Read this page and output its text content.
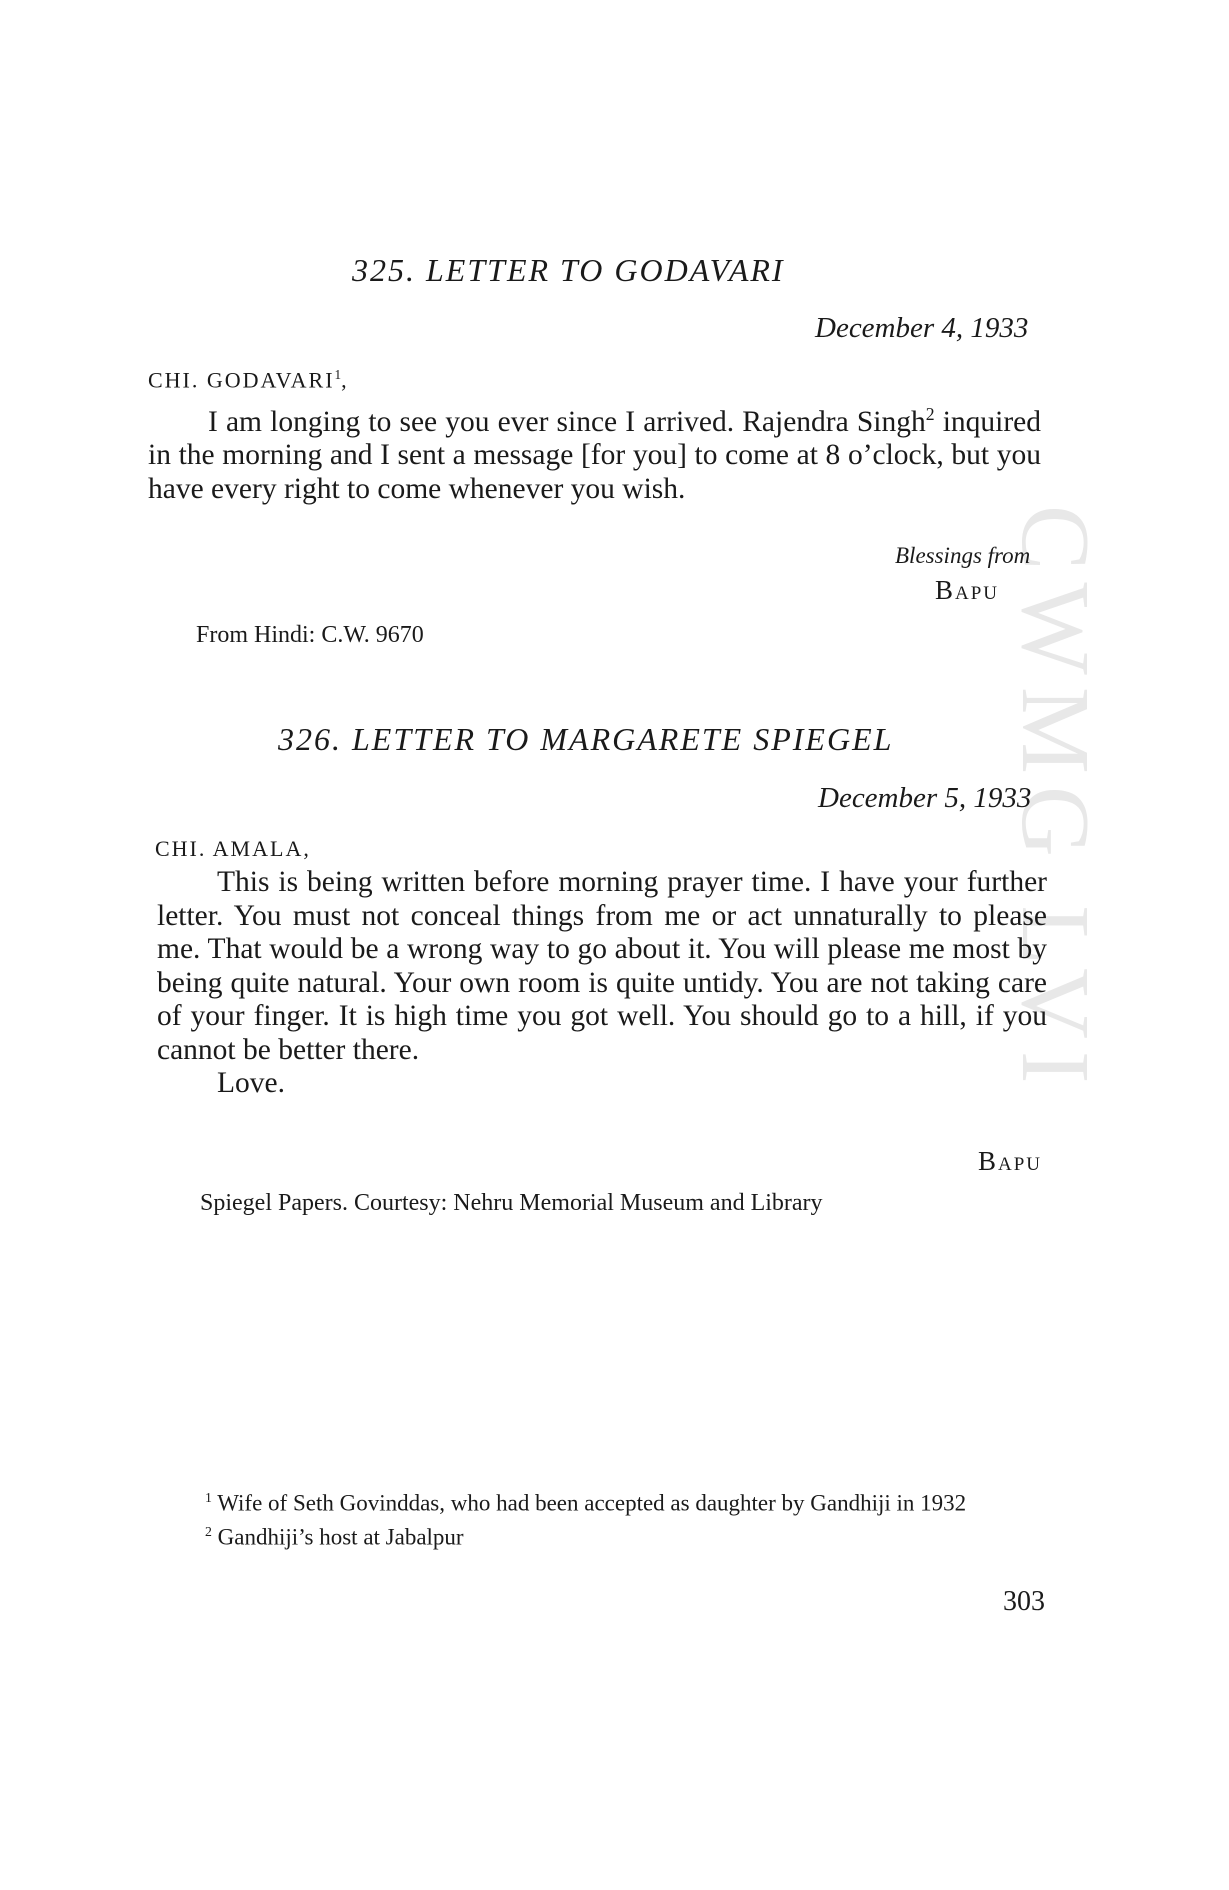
CWMG LVI
325. LETTER TO GODAVARI
December 4, 1933
CHI. GODAVARI$^1$,

I am longing to see you ever since I arrived. Rajendra Singh$^2$ inquired in the morning and I sent a message [for you] to come at 8 o’clock, but you have every right to come whenever you wish.

Blessings from
Bapu
From Hindi: C.W. 9670
326. LETTER TO MARGARETE SPIEGEL
December 5, 1933
CHI. AMALA,

This is being written before morning prayer time. I have your further letter. You must not conceal things from me or act unnaturally to please me. That would be a wrong way to go about it. You will please me most by being quite natural. Your own room is quite untidy. You are not taking care of your finger. It is high time you got well. You should go to a hill, if you cannot be better there.

Love.

Bapu
Spiegel Papers. Courtesy: Nehru Memorial Museum and Library

$^1$ Wife of Seth Govinddas, who had been accepted as daughter by Gandhiji in 1932

$^2$ Gandhiji’s host at Jabalpur

303
